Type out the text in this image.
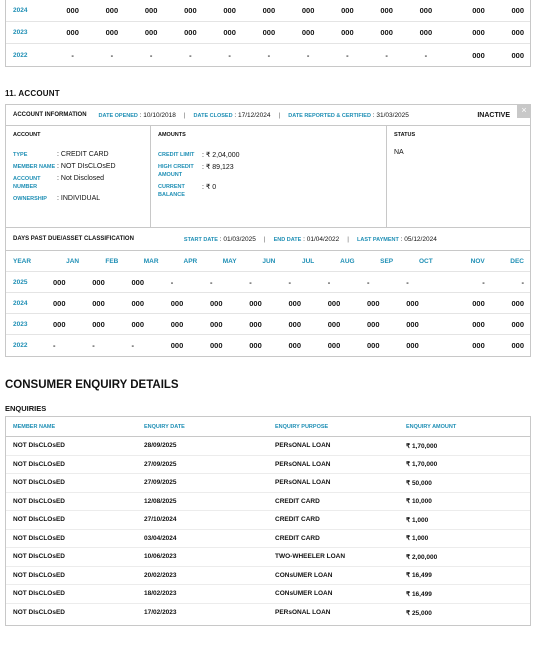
2024	000	000	000	000	000	000	000	000	000	000	000	000
2023	000	000	000	000	000	000	000	000	000	000	000	000
2022	-	-	-	-	-	-	-	-	-	-	000	000
11. ACCOUNT
ACCOUNT INFORMATION DATE OPENED : 10/10/2018 | DATE CLOSED : 17/12/2024 | DATE REPORTED & CERTIFIED : 31/03/2025	INACTIVE	×
ACCOUNT
TYPE	: CREDIT CARD
MEMBER NAME : NOT DIsCLOsED
ACCOUNT NUMBER
: Not Disclosed
OWNERSHIP	: INDIVIDUAL
AMOUNTS
CREDIT LIMIT	: ₹ 2,04,000
HIGH CREDIT AMOUNT
: ₹ 89,123
CURRENT BALANCE
: ₹ 0
STATUS
NA
DAYS PAST DUE/ASSET CLASSIFICATION	START DATE : 01/03/2025 | END DATE : 01/04/2022 | LAST PAYMENT : 05/12/2024
YEAR	JAN	FEB	MAR	APR	MAY	JUN	JUL	AUG	SEP	OCT	NOV	DEC
2025	000	000	000	-	-	-	-	-	-	-	-	-
2024	000	000	000	000	000	000	000	000	000	000	000	000
2023	000	000	000	000	000	000	000	000	000	000	000	000
2022	-	-	-	000	000	000	000	000	000	000	000	000
CONSUMER ENQUIRY DETAILS
ENQUIRIES
MEMBER NAME	ENQUIRY DATE	ENQUIRY PURPOSE	ENQUIRY AMOUNT
NOT DIsCLOsED	28/09/2025	PERsONAL LOAN	₹ 1,70,000
NOT DIsCLOsED	27/09/2025	PERsONAL LOAN	₹ 1,70,000
NOT DIsCLOsED	27/09/2025	PERsONAL LOAN	₹ 50,000
NOT DIsCLOsED	12/08/2025	CREDIT CARD	₹ 10,000
NOT DIsCLOsED	27/10/2024	CREDIT CARD	₹ 1,000
NOT DIsCLOsED	03/04/2024	CREDIT CARD	₹ 1,000
NOT DIsCLOsED	10/06/2023	TWO-WHEELER LOAN	₹ 2,00,000
NOT DIsCLOsED	20/02/2023	CONsUMER LOAN	₹ 16,499
NOT DIsCLOsED	18/02/2023	CONsUMER LOAN	₹ 16,499
NOT DIsCLOsED	17/02/2023	PERsONAL LOAN	₹ 25,000
